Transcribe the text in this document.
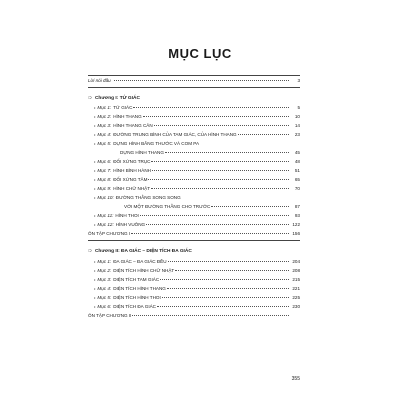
MỤC LỤC
Lời nói đầu	3
❍ Chương I: TỨ GIÁC
• Mục 1: TỨ GIÁC	5
• Mục 2: HÌNH THANG	10
• Mục 3: HÌNH THANG CÂN	14
• Mục 4: ĐƯỜNG TRUNG BÌNH CỦA TAM GIÁC, CỦA HÌNH THANG	23
• Mục 5: DỰNG HÌNH BẰNG THƯỚC VÀ COM PA
DỰNG HÌNH THANG	45
• Mục 6: ĐỐI XỨNG TRỤC	48
• Mục 7: HÌNH BÌNH HÀNH	51
• Mục 8: ĐỐI XỨNG TÂM	65
• Mục 9: HÌNH CHỮ NHẬT	70
• Mục 10: ĐƯỜNG THẲNG SONG SONG
VỚI MỘT ĐƯỜNG THẲNG CHO TRƯỚC	87
• Mục 11: HÌNH THOI	93
• Mục 12: HÌNH VUÔNG	122
ÔN TẬP CHƯƠNG I	156
❍ Chương II: ĐA GIÁC – DIỆN TÍCH ĐA GIÁC
• Mục 1: ĐA GIÁC – ĐA GIÁC ĐỀU	204
• Mục 2: DIỆN TÍCH HÌNH CHỮ NHẬT	208
• Mục 3: DIỆN TÍCH TAM GIÁC	215
• Mục 4: DIỆN TÍCH HÌNH THANG	221
• Mục 5: DIỆN TÍCH HÌNH THOI	225
• Mục 6: DIỆN TÍCH ĐA GIÁC	230
ÔN TẬP CHƯƠNG II
355
